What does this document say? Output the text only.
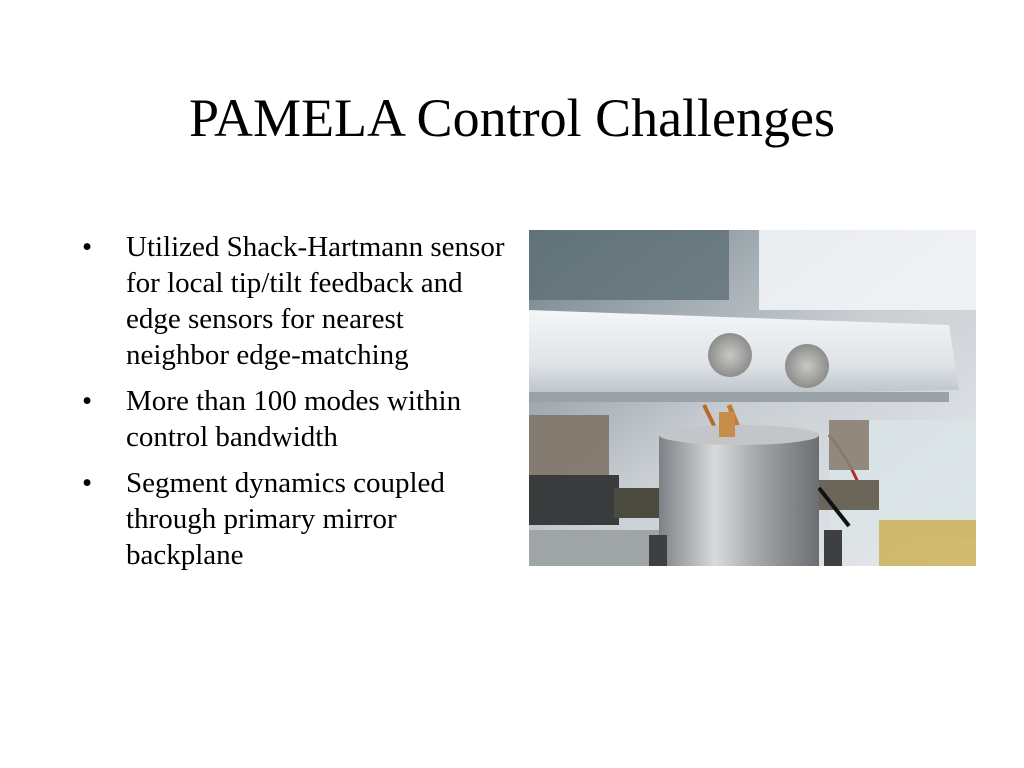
PAMELA Control Challenges
•	Utilized Shack-Hartmann sensor for local tip/tilt feedback and edge sensors for nearest neighbor edge-matching
•	More than 100 modes within control bandwidth
•	Segment dynamics coupled through primary mirror backplane
